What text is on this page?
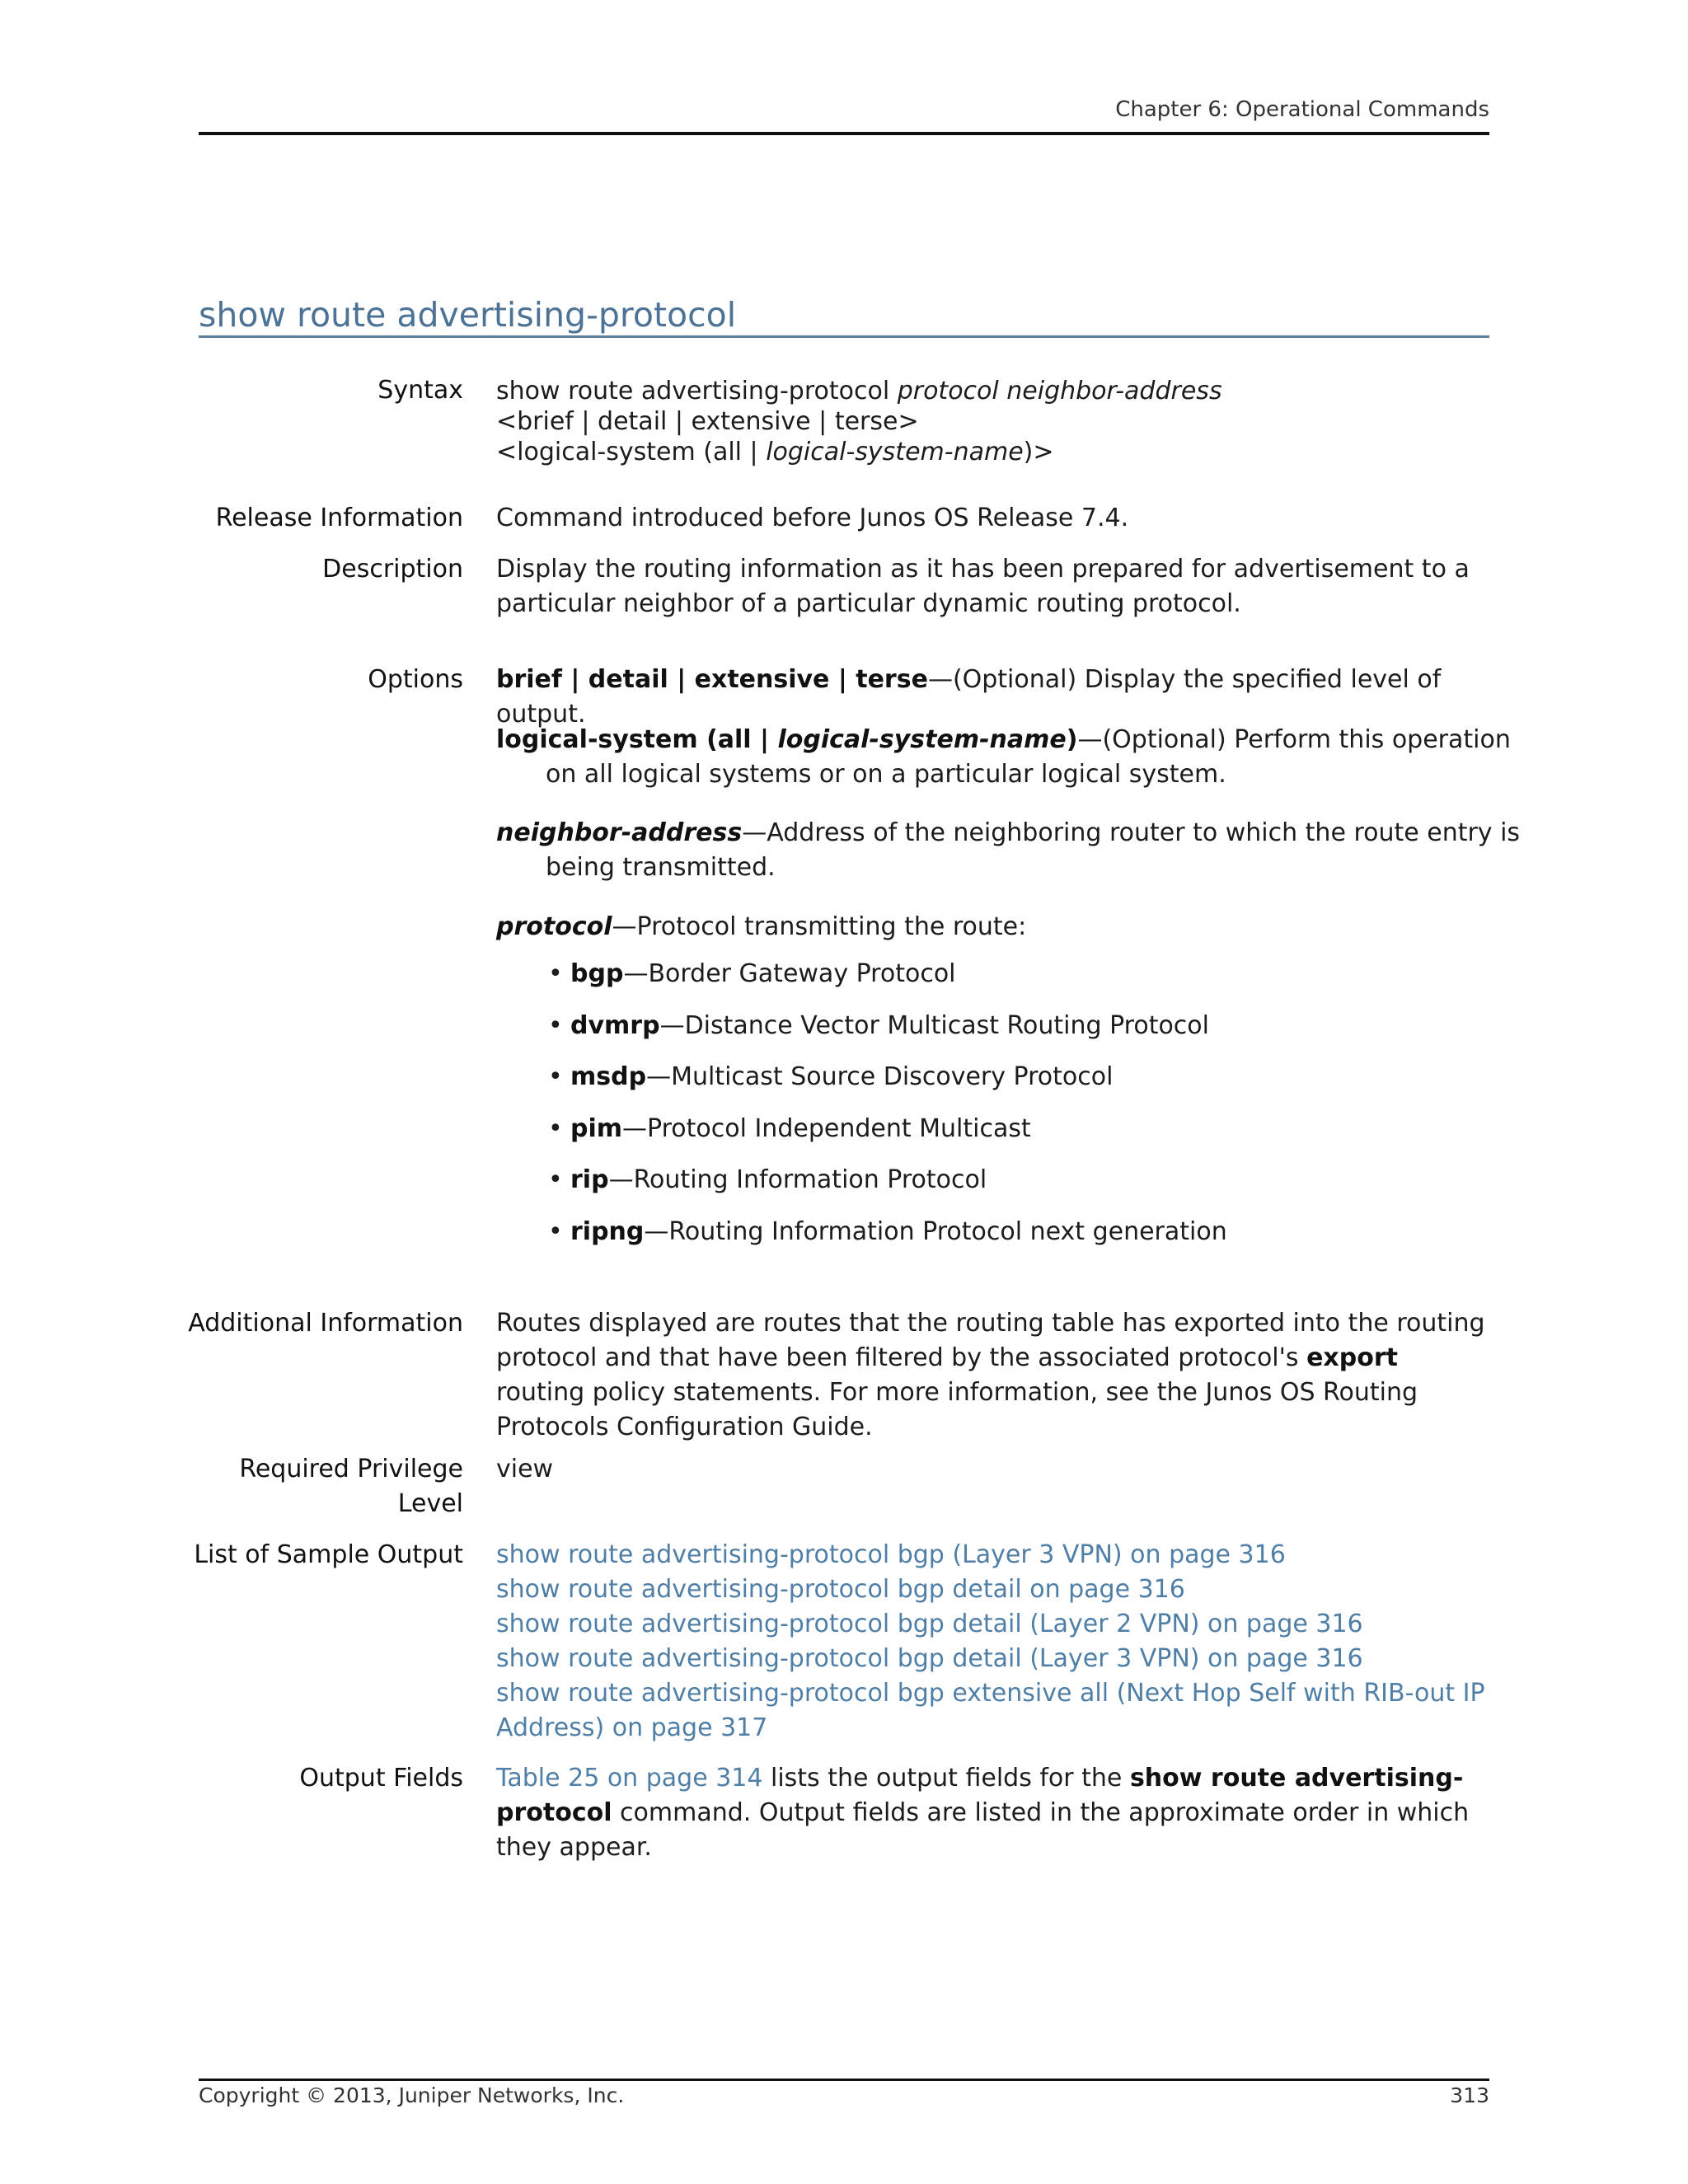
Chapter 6: Operational Commands
show route advertising-protocol
Syntax show route advertising-protocol protocol neighbor-address
<brief | detail | extensive | terse>
<logical-system (all | logical-system-name)>
Release Information Command introduced before Junos OS Release 7.4.
Description Display the routing information as it has been prepared for advertisement to a particular neighbor of a particular dynamic routing protocol.
Options brief | detail | extensive | terse—(Optional) Display the specified level of output.
logical-system (all | logical-system-name)—(Optional) Perform this operation on all logical systems or on a particular logical system.
neighbor-address—Address of the neighboring router to which the route entry is being transmitted.
protocol—Protocol transmitting the route:
• bgp—Border Gateway Protocol
• dvmrp—Distance Vector Multicast Routing Protocol
• msdp—Multicast Source Discovery Protocol
• pim—Protocol Independent Multicast
• rip—Routing Information Protocol
• ripng—Routing Information Protocol next generation
Additional Information Routes displayed are routes that the routing table has exported into the routing protocol and that have been filtered by the associated protocol's export routing policy statements. For more information, see the Junos OS Routing Protocols Configuration Guide.
Required Privilege
Level
view
List of Sample Output show route advertising-protocol bgp (Layer 3 VPN) on page 316
show route advertising-protocol bgp detail on page 316
show route advertising-protocol bgp detail (Layer 2 VPN) on page 316
show route advertising-protocol bgp detail (Layer 3 VPN) on page 316
show route advertising-protocol bgp extensive all (Next Hop Self with RIB-out IP Address) on page 317
Output Fields Table 25 on page 314 lists the output fields for the show route advertising-protocol command. Output fields are listed in the approximate order in which they appear.
Copyright © 2013, Juniper Networks, Inc.	313
